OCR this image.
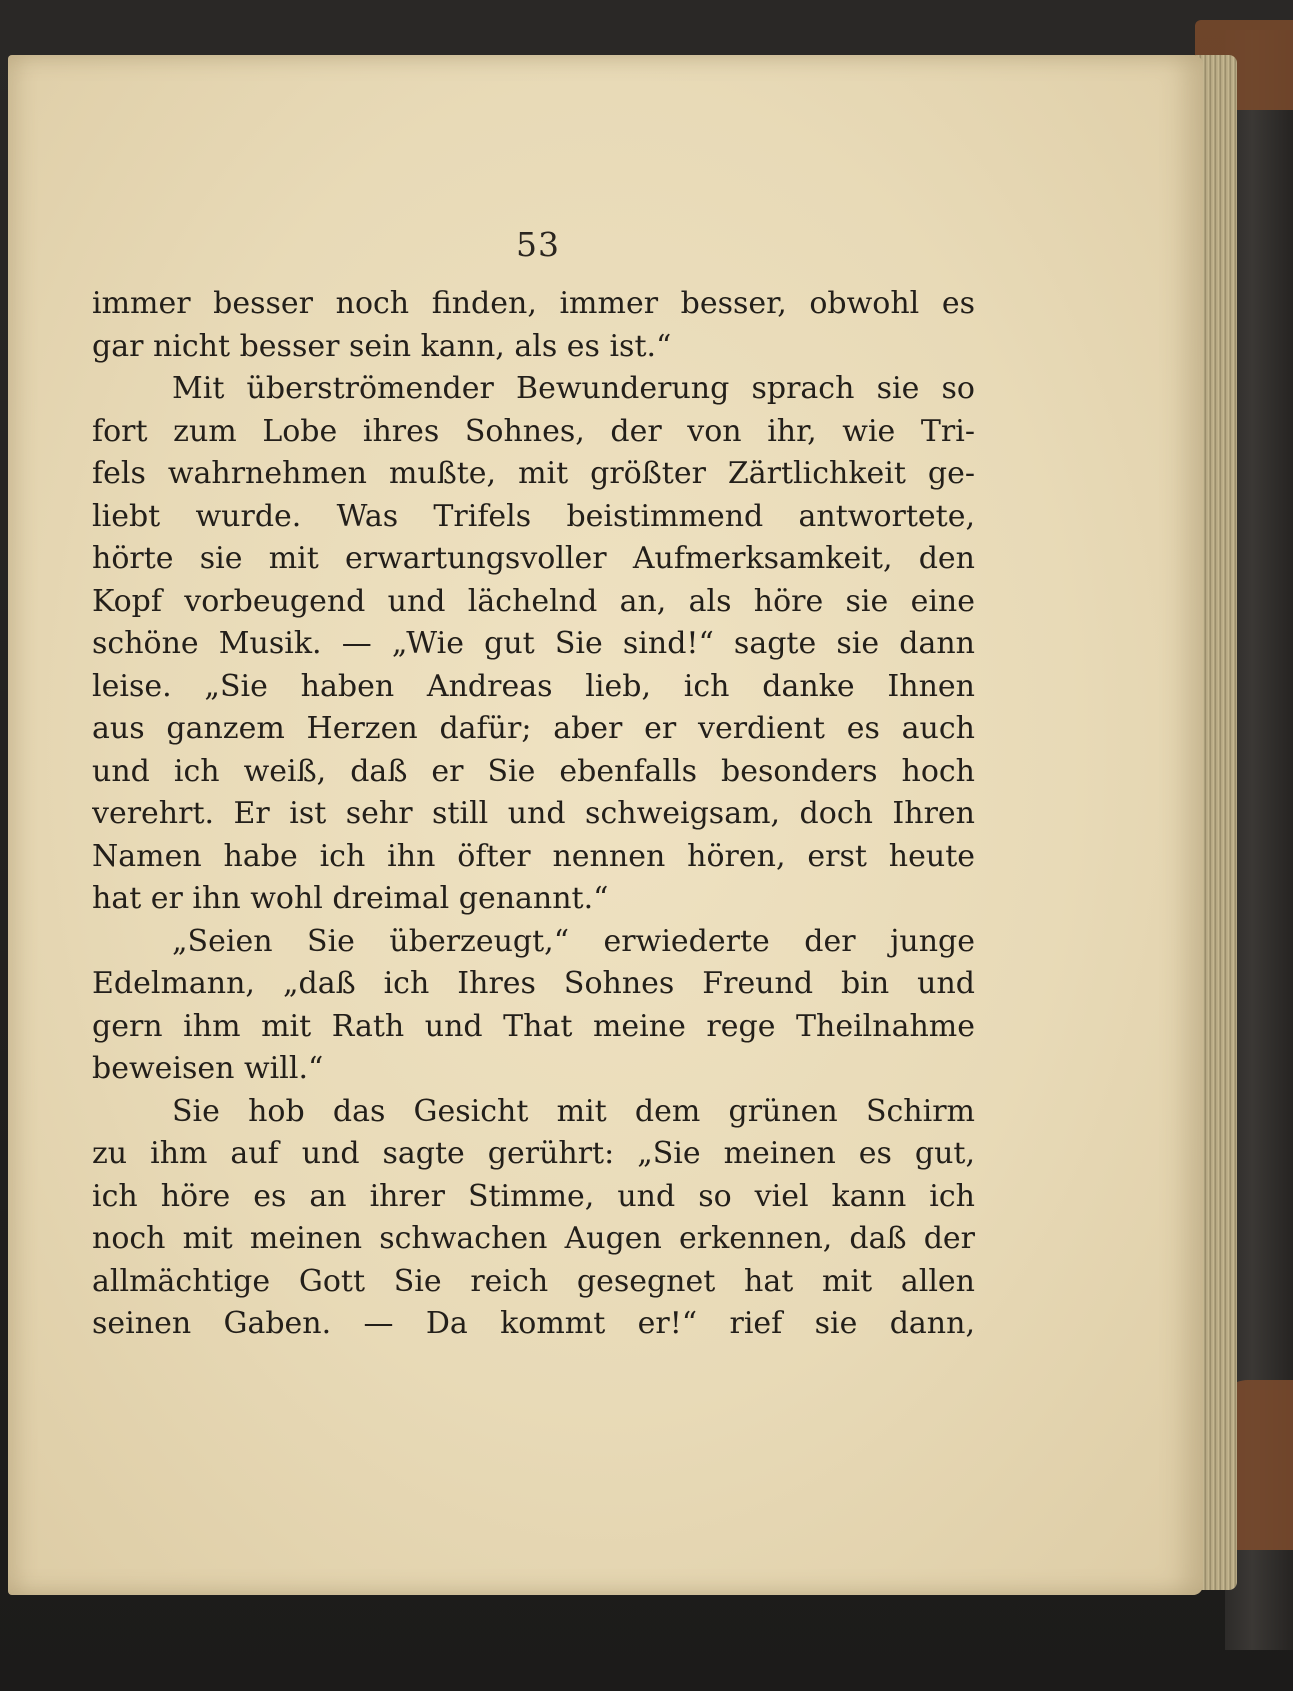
53
immer besser noch finden, immer besser, obwohl es
gar nicht besser sein kann, als es ist.“
Mit überströmender Bewunderung sprach sie so
fort zum Lobe ihres Sohnes, der von ihr, wie Tri-
fels wahrnehmen mußte, mit größter Zärtlichkeit ge-
liebt wurde. Was Trifels beistimmend antwortete,
hörte sie mit erwartungsvoller Aufmerksamkeit, den
Kopf vorbeugend und lächelnd an, als höre sie eine
schöne Musik. — „Wie gut Sie sind!“ sagte sie dann
leise. „Sie haben Andreas lieb, ich danke Ihnen
aus ganzem Herzen dafür; aber er verdient es auch
und ich weiß, daß er Sie ebenfalls besonders hoch
verehrt. Er ist sehr still und schweigsam, doch Ihren
Namen habe ich ihn öfter nennen hören, erst heute
hat er ihn wohl dreimal genannt.“
„Seien Sie überzeugt,“ erwiederte der junge
Edelmann, „daß ich Ihres Sohnes Freund bin und
gern ihm mit Rath und That meine rege Theilnahme
beweisen will.“
Sie hob das Gesicht mit dem grünen Schirm
zu ihm auf und sagte gerührt: „Sie meinen es gut,
ich höre es an ihrer Stimme, und so viel kann ich
noch mit meinen schwachen Augen erkennen, daß der
allmächtige Gott Sie reich gesegnet hat mit allen
seinen Gaben. — Da kommt er!“ rief sie dann,
